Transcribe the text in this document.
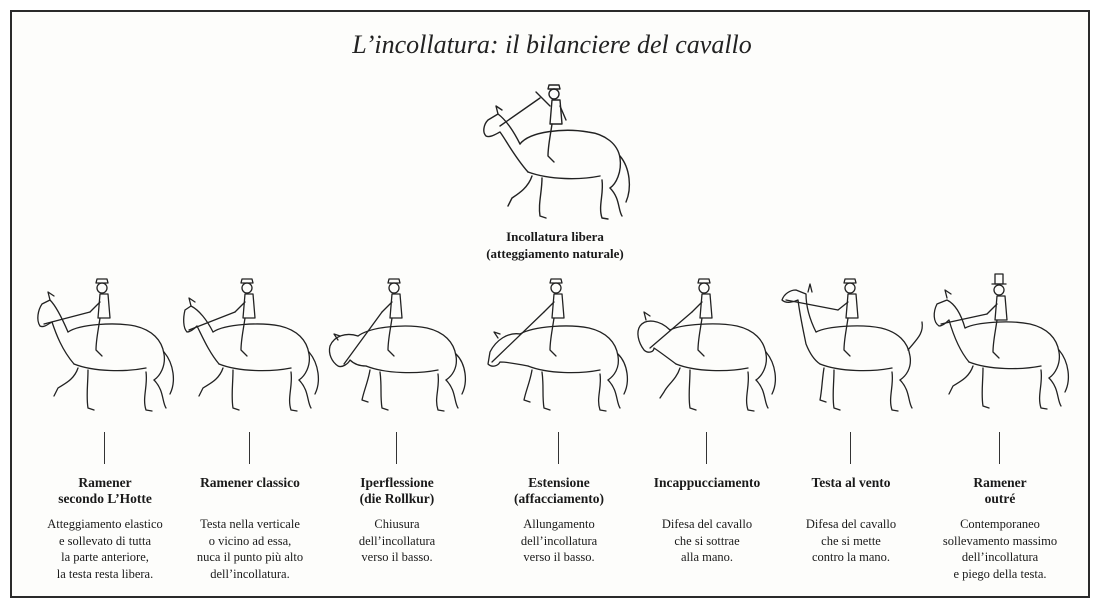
L’incollatura: il bilanciere del cavallo
Incollatura libera
(atteggiamento naturale)
Ramener
secondo L’Hotte
Atteggiamento elastico
e sollevato di tutta
la parte anteriore,
la testa resta libera.
Ramener classico
Testa nella verticale
o vicino ad essa,
nuca il punto più alto
dell’incollatura.
Iperflessione
(die Rollkur)
Chiusura
dell’incollatura
verso il basso.
Estensione
(affacciamento)
Allungamento
dell’incollatura
verso il basso.
Incappucciamento
Difesa del cavallo
che si sottrae
alla mano.
Testa al vento
Difesa del cavallo
che si mette
contro la mano.
Ramener
outré
Contemporaneo
sollevamento massimo
dell’incollatura
e piego della testa.
